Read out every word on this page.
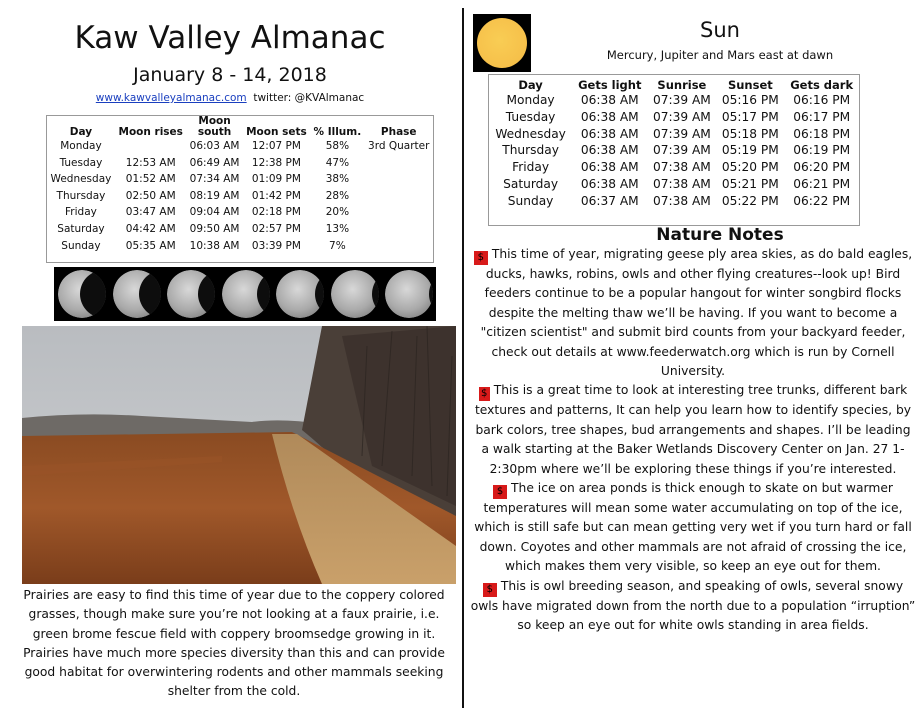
Kaw Valley Almanac
January 8 - 14, 2018
www.kawvalleyalmanac.com twitter: @KVAlmanac
Day	Moon rises	Moon south	Moon sets	% Illum.	Phase
Monday		06:03 AM	12:07 PM	58%	3rd Quarter
Tuesday	12:53 AM	06:49 AM	12:38 PM	47%	
Wednesday	01:52 AM	07:34 AM	01:09 PM	38%	
Thursday	02:50 AM	08:19 AM	01:42 PM	28%	
Friday	03:47 AM	09:04 AM	02:18 PM	20%	
Saturday	04:42 AM	09:50 AM	02:57 PM	13%	
Sunday	05:35 AM	10:38 AM	03:39 PM	7%	
Prairies are easy to find this time of year due to the coppery colored grasses, though make sure you’re not looking at a faux prairie, i.e. green brome fescue field with coppery broomsedge growing in it. Prairies have much more species diversity than this and can provide good habitat for overwintering rodents and other mammals seeking shelter from the cold.
Sun
Mercury, Jupiter and Mars east at dawn
Day	Gets light	Sunrise	Sunset	Gets dark
Monday	06:38 AM	07:39 AM	05:16 PM	06:16 PM
Tuesday	06:38 AM	07:39 AM	05:17 PM	06:17 PM
Wednesday	06:38 AM	07:39 AM	05:18 PM	06:18 PM
Thursday	06:38 AM	07:39 AM	05:19 PM	06:19 PM
Friday	06:38 AM	07:38 AM	05:20 PM	06:20 PM
Saturday	06:38 AM	07:38 AM	05:21 PM	06:21 PM
Sunday	06:37 AM	07:38 AM	05:22 PM	06:22 PM
Nature Notes
$ This time of year, migrating geese ply area skies, as do bald eagles, ducks, hawks, robins, owls and other flying creatures--look up! Bird feeders continue to be a popular hangout for winter songbird flocks despite the melting thaw we’ll be having. If you want to become a "citizen scientist" and submit bird counts from your backyard feeder, check out details at www.feederwatch.org which is run by Cornell University.
$ This is a great time to look at interesting tree trunks, different bark textures and patterns, It can help you learn how to identify species, by bark colors, tree shapes, bud arrangements and shapes. I’ll be leading a walk starting at the Baker Wetlands Discovery Center on Jan. 27 1-2:30pm where we’ll be exploring these things if you’re interested.
$ The ice on area ponds is thick enough to skate on but warmer temperatures will mean some water accumulating on top of the ice, which is still safe but can mean getting very wet if you turn hard or fall down. Coyotes and other mammals are not afraid of crossing the ice, which makes them very visible, so keep an eye out for them.
$ This is owl breeding season, and speaking of owls, several snowy owls have migrated down from the north due to a population “irruption” so keep an eye out for white owls standing in area fields.
